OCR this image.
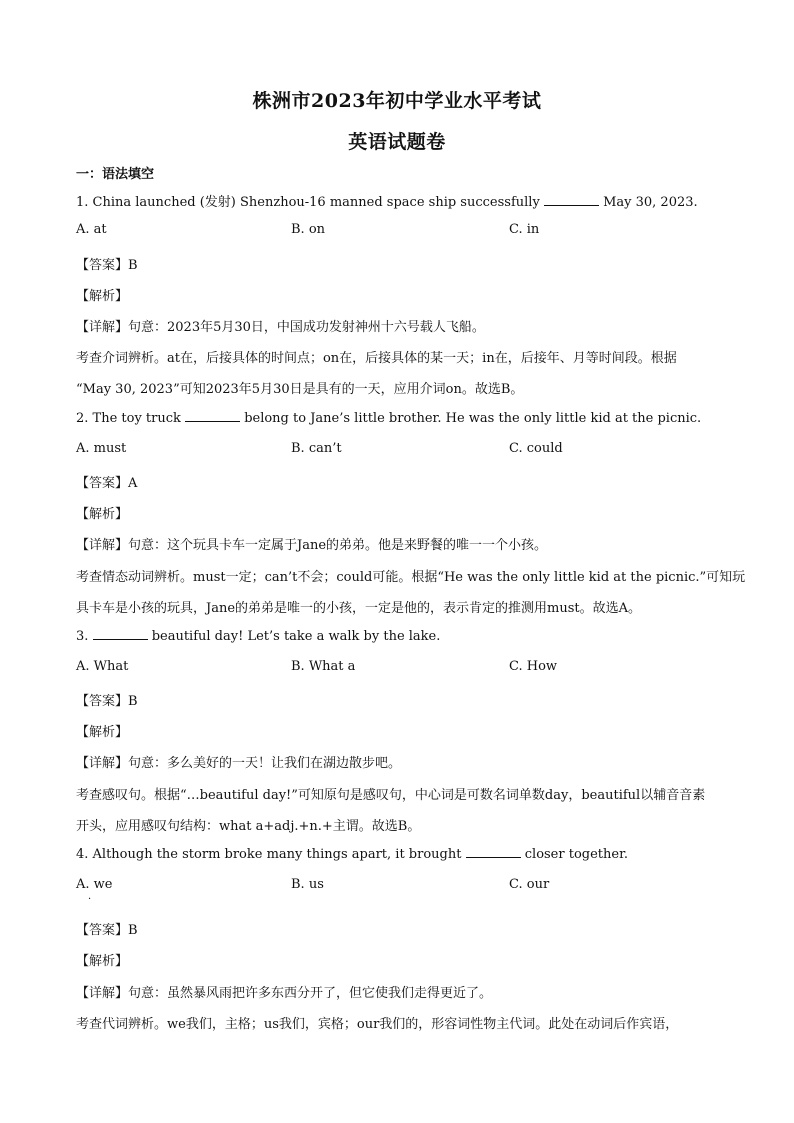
株洲市2023年初中学业水平考试
英语试题卷
一：语法填空
1. China launched (发射) Shenzhou-16 manned space ship successfully	May 30, 2023.
A. at	B. on	C. in
【答案】B
【解析】
【详解】句意：2023年5月30日，中国成功发射神州十六号载人飞船。
考查介词辨析。at在，后接具体的时间点；on在，后接具体的某一天；in在，后接年、月等时间段。根据
“May 30, 2023”可知2023年5月30日是具有的一天，应用介词on。故选B。
2. The toy truck	belong to Jane’s little brother. He was the only little kid at the picnic.
A. must	B. can’t	C. could
【答案】A
【解析】
【详解】句意：这个玩具卡车一定属于Jane的弟弟。他是来野餐的唯一一个小孩。
考查情态动词辨析。must一定；can’t不会；could可能。根据“He was the only little kid at the picnic.”可知玩
具卡车是小孩的玩具，Jane的弟弟是唯一的小孩，一定是他的，表示肯定的推测用must。故选A。
3.	beautiful day! Let’s take a walk by the lake.
A. What	B. What a	C. How
【答案】B
【解析】
【详解】句意：多么美好的一天！让我们在湖边散步吧。
考查感叹句。根据“…beautiful day!”可知原句是感叹句，中心词是可数名词单数day，beautiful以辅音音素
开头，应用感叹句结构：what a+adj.+n.+主谓。故选B。
4. Although the storm broke many things apart, it brought	closer together.
A. we	B. us	C. our
·
【答案】B
【解析】
【详解】句意：虽然暴风雨把许多东西分开了，但它使我们走得更近了。
考查代词辨析。we我们，主格；us我们，宾格；our我们的，形容词性物主代词。此处在动词后作宾语，
